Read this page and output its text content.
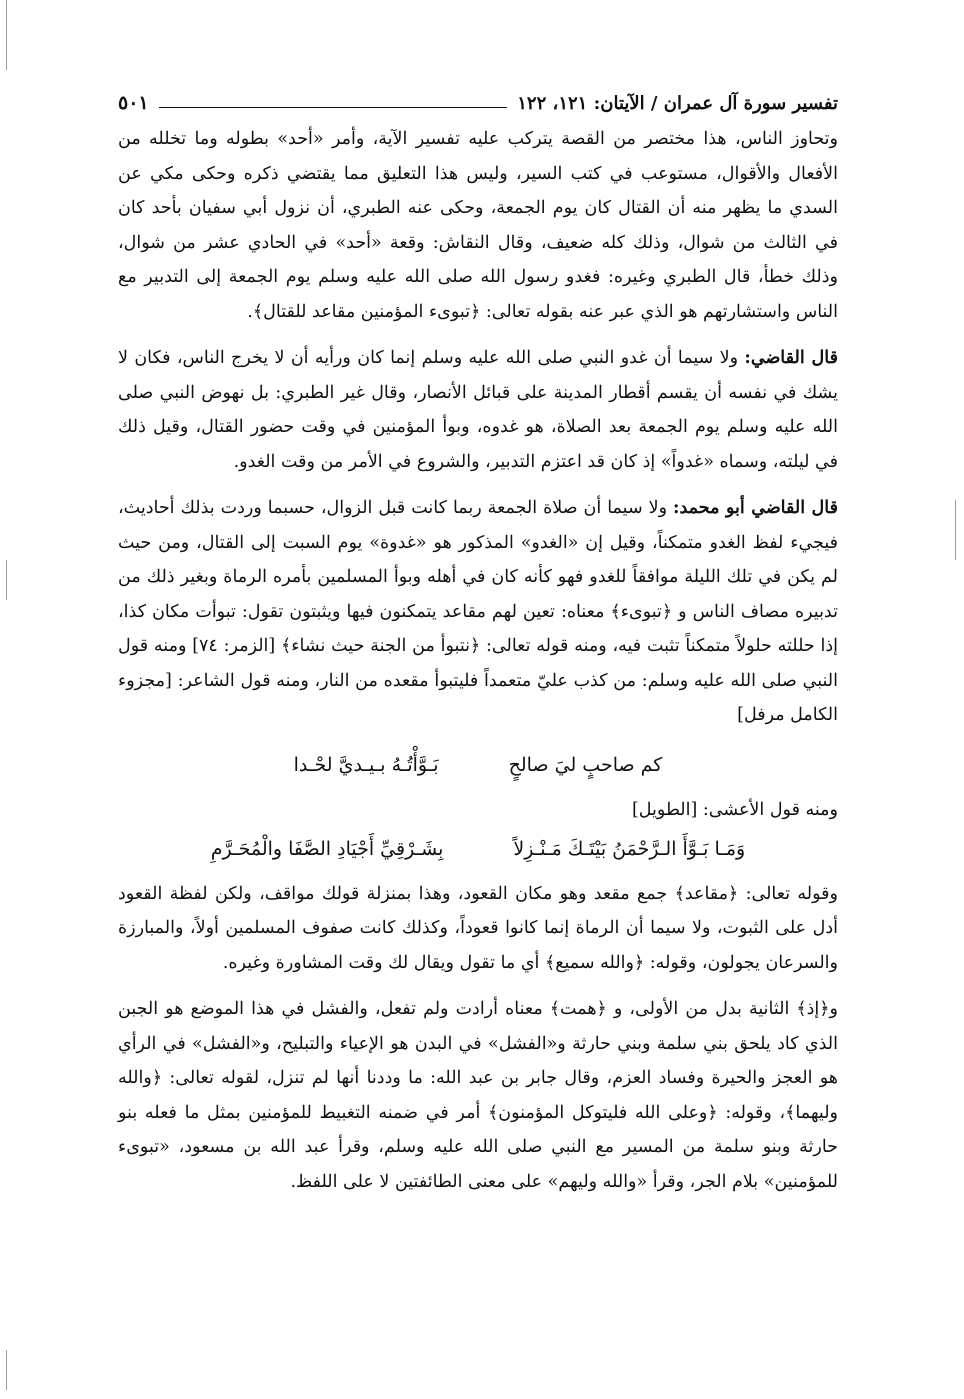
تفسير سورة آل عمران / الآيتان: ١٢١، ١٢٢
٥٠١

وتحاوز الناس، هذا مختصر من القصة يترکب عليه تفسير الآية، وأمر «أحد» بطوله وما تخلله من الأفعال والأقوال، مستوعب في كتب السير، وليس هذا التعليق مما يقتضي ذكره وحكى مكي عن السدي ما يظهر منه أن القتال كان يوم الجمعة، وحكى عنه الطبري، أن نزول أبي سفيان بأحد كان في الثالث من شوال، وذلك كله ضعيف، وقال النقاش: وقعة «أحد» في الحادي عشر من شوال، وذلك خطأ، قال الطبري وغيره: فغدو رسول الله صلى الله عليه وسلم يوم الجمعة إلى التدبير مع الناس واستشارتهم هو الذي عبر عنه بقوله تعالى: ﴿تبوىء المؤمنين مقاعد للقتال﴾.

قال القاضي: ولا سيما أن غدو النبي صلى الله عليه وسلم إنما كان ورأيه أن لا يخرج الناس، فكان لا يشك في نفسه أن يقسم أقطار المدينة على قبائل الأنصار، وقال غير الطبري: بل نهوض النبي صلى الله عليه وسلم يوم الجمعة بعد الصلاة، هو غدوه، وبوأ المؤمنين في وقت حضور القتال، وقيل ذلك في ليلته، وسماه «غدواً» إذ كان قد اعتزم التدبير، والشروع في الأمر من وقت الغدو.

قال القاضي أبو محمد: ولا سيما أن صلاة الجمعة ربما كانت قبل الزوال، حسبما وردت بذلك أحاديث، فيجيء لفظ الغدو متمكناً، وقيل إن «الغدو» المذكور هو «غدوة» يوم السبت إلى القتال، ومن حيث لم يكن في تلك الليلة موافقاً للغدو فهو كأنه كان في أهله وبوأ المسلمين بأمره الرماة وبغير ذلك من تدبيره مصاف الناس و ﴿تبوىء﴾ معناه: تعين لهم مقاعد يتمكنون فيها ويثبتون تقول: تبوأت مكان كذا، إذا حللته حلولاً متمكناً تثبت فيه، ومنه قوله تعالى: ﴿نتبوأ من الجنة حيث نشاء﴾ [الزمر: ٧٤] ومنه قول النبي صلى الله عليه وسلم: من كذب عليّ متعمداً فليتبوأ مقعده من النار، ومنه قول الشاعر: [مجزوء الكامل مرفل]

كم صاحبٍ ليَ صالحٍ
بَـوَّأْتُـهُ بـيـديَّ لحْـدا
ومنه قول الأعشى: [الطويل]
وَمَـا بَـوَّأَ الـرَّحْمَنُ بَيْتَـكَ مَـنْـزِلاً
بِشَـرْقِيِّ أَجْيَادِ الصَّفَا والْمُحَـرَّمِ

وقوله تعالى: ﴿مقاعد﴾ جمع مقعد وهو مكان القعود، وهذا بمنزلة قولك مواقف، ولكن لفظة القعود أدل على الثبوت، ولا سيما أن الرماة إنما كانوا قعوداً، وكذلك كانت صفوف المسلمين أولاً، والمبارزة والسرعان يجولون، وقوله: ﴿والله سميع﴾ أي ما تقول ويقال لك وقت المشاورة وغيره.

و﴿إذ﴾ الثانية بدل من الأولى، و ﴿همت﴾ معناه أرادت ولم تفعل، والفشل في هذا الموضع هو الجبن الذي كاد يلحق بني سلمة وبني حارثة و«الفشل» في البدن هو الإعياء والتبليح، و«الفشل» في الرأي هو العجز والحيرة وفساد العزم، وقال جابر بن عبد الله: ما وددنا أنها لم تنزل، لقوله تعالى: ﴿والله وليهما﴾، وقوله: ﴿وعلى الله فليتوكل المؤمنون﴾ أمر في ضمنه التغبيط للمؤمنين بمثل ما فعله بنو حارثة وبنو سلمة من المسير مع النبي صلى الله عليه وسلم، وقرأ عبد الله بن مسعود، «تبوىء للمؤمنين» بلام الجر، وقرأ «والله وليهم» على معنى الطائفتين لا على اللفظ.
